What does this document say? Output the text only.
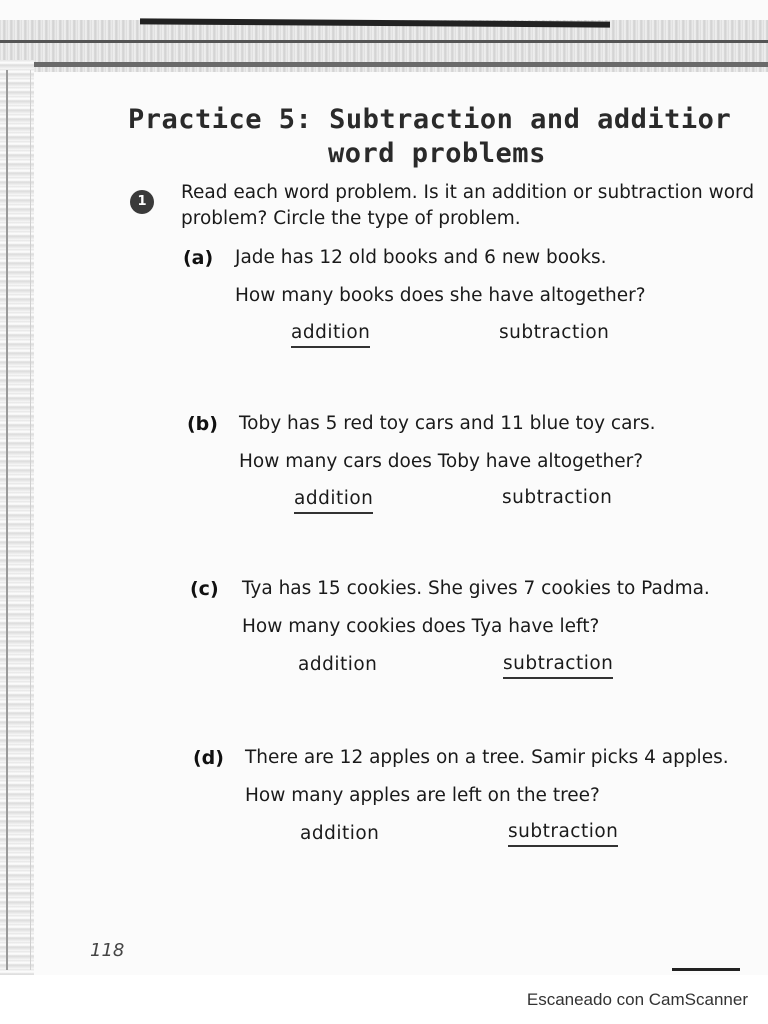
Practice 5: Subtraction and additior
word problems
1	Read each word problem. Is it an addition or subtraction word problem? Circle the type of problem.
(a) Jade has 12 old books and 6 new books.
How many books does she have altogether?
addition	subtraction
(b) Toby has 5 red toy cars and 11 blue toy cars.
How many cars does Toby have altogether?
addition	subtraction
(c) Tya has 15 cookies. She gives 7 cookies to Padma.
How many cookies does Tya have left?
addition	subtraction
(d) There are 12 apples on a tree. Samir picks 4 apples.
How many apples are left on the tree?
addition	subtraction
118
Escaneado con CamScanner
